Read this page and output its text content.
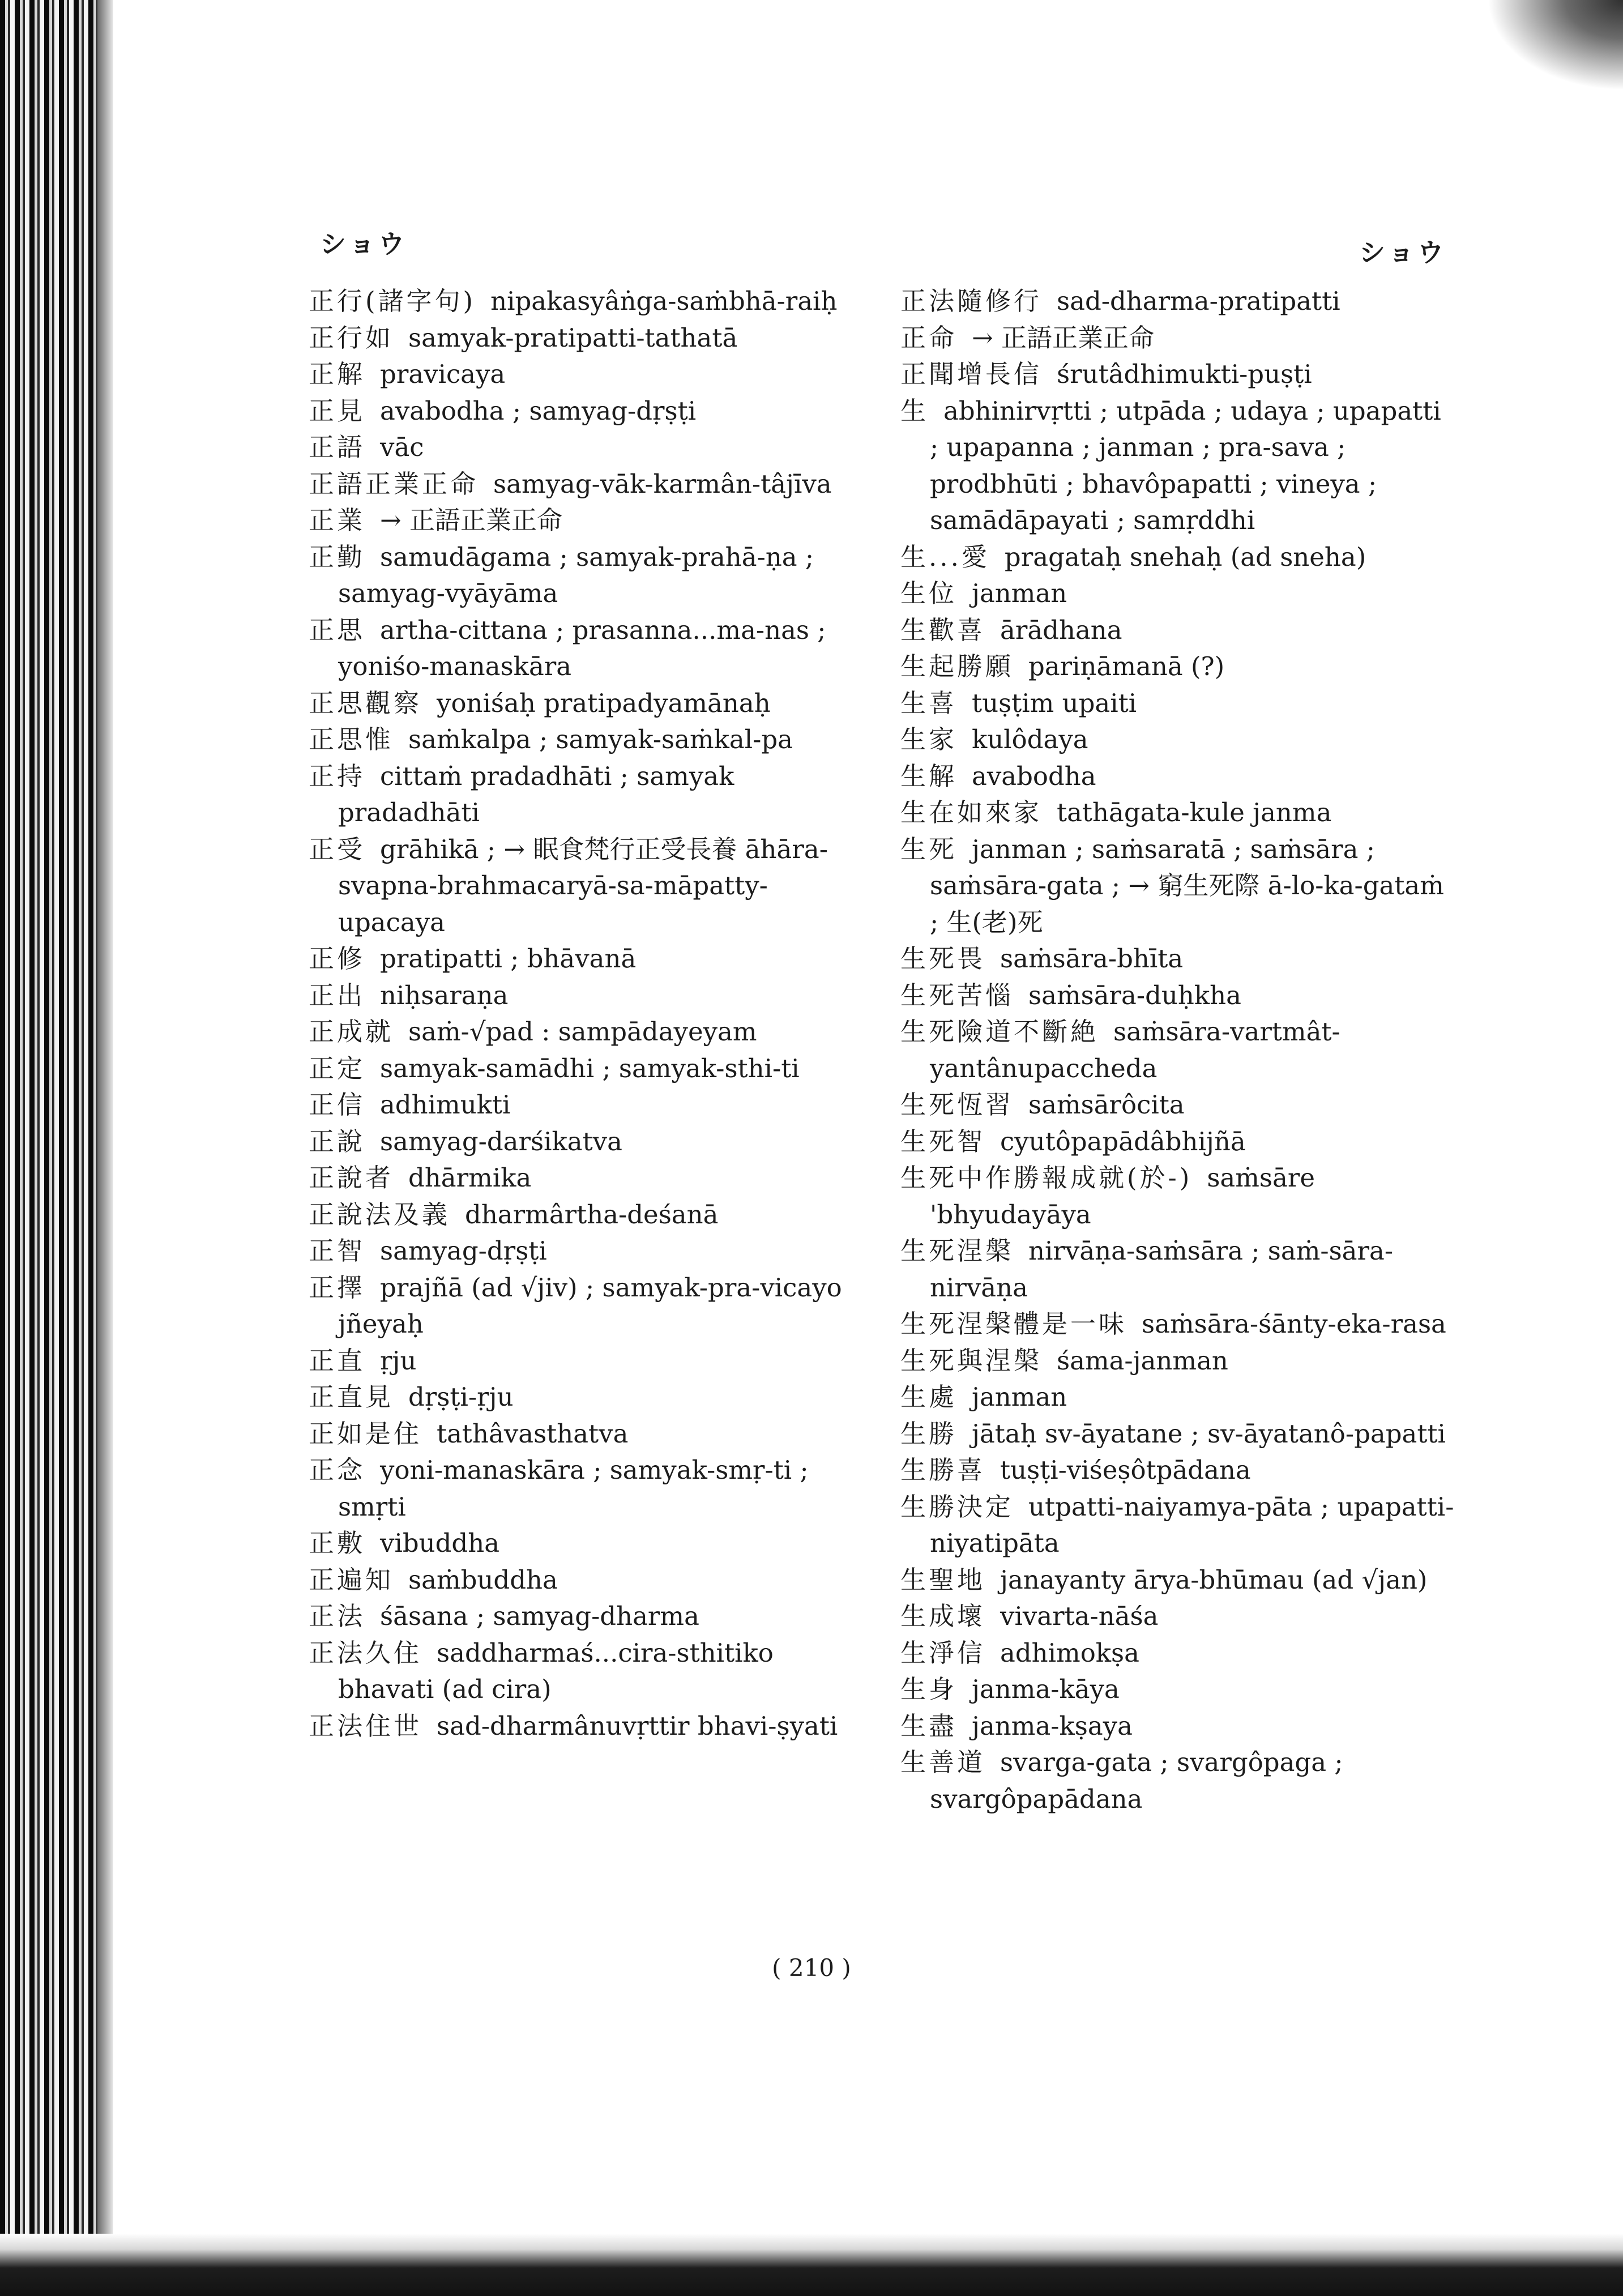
ショウ	ショウ

正行(諸字句) nipakasyâṅga-saṁbhā-raiḥ

正行如 samyak-pratipatti-tathatā

正解 pravicaya

正見 avabodha ; samyag-dṛṣṭi

正語 vāc

正語正業正命 samyag-vāk-karmân-tâjīva

正業 → 正語正業正命

正勤 samudāgama ; samyak-prahā-ṇa ; samyag-vyāyāma

正思 artha-cittana ; prasanna...ma-nas ; yoniśo-manaskāra

正思觀察 yoniśaḥ pratipadyamānaḥ

正思惟 saṁkalpa ; samyak-saṁkal-pa

正持 cittaṁ pradadhāti ; samyak pradadhāti

正受 grāhikā ; → 眠食梵行正受長養 āhāra-svapna-brahmacaryā-sa-māpatty-upacaya

正修 pratipatti ; bhāvanā

正出 niḥsaraṇa

正成就 saṁ-√pad : sampādayeyam

正定 samyak-samādhi ; samyak-sthi-ti

正信 adhimukti

正說 samyag-darśikatva

正說者 dhārmika

正說法及義 dharmârtha-deśanā

正智 samyag-dṛṣṭi

正擇 prajñā (ad √jiv) ; samyak-pra-vicayo jñeyaḥ

正直 ṛju

正直見 dṛṣṭi-ṛju

正如是住 tathâvasthatva

正念 yoni-manaskāra ; samyak-smṛ-ti ; smṛti

正敷 vibuddha

正遍知 saṁbuddha

正法 śāsana ; samyag-dharma

正法久住 saddharmaś...cira-sthitiko bhavati (ad cira)

正法住世 sad-dharmânuvṛttir bhavi-ṣyati

正法隨修行 sad-dharma-pratipatti

正命 → 正語正業正命

正聞增長信 śrutâdhimukti-puṣṭi

生 abhinirvṛtti ; utpāda ; udaya ; upapatti ; upapanna ; janman ; pra-sava ; prodbhūti ; bhavôpapatti ; vineya ; samādāpayati ; samṛddhi

生...愛 pragataḥ snehaḥ (ad sneha)

生位 janman

生歡喜 ārādhana

生起勝願 pariṇāmanā (?)

生喜 tuṣṭim upaiti

生家 kulôdaya

生解 avabodha

生在如來家 tathāgata-kule janma

生死 janman ; saṁsaratā ; saṁsāra ; saṁsāra-gata ; → 窮生死際 ā-lo-ka-gataṁ ; 生(老)死

生死畏 saṁsāra-bhīta

生死苦惱 saṁsāra-duḥkha

生死險道不斷絶 saṁsāra-vartmât-yantânupaccheda

生死恆習 saṁsārôcita

生死智 cyutôpapādâbhijñā

生死中作勝報成就(於-) saṁsāre 'bhyudayāya

生死涅槃 nirvāṇa-saṁsāra ; saṁ-sāra-nirvāṇa

生死涅槃體是一味 saṁsāra-śānty-eka-rasa

生死與涅槃 śama-janman

生處 janman

生勝 jātaḥ sv-āyatane ; sv-āyatanô-papatti

生勝喜 tuṣṭi-viśeṣôtpādana

生勝決定 utpatti-naiyamya-pāta ; upapatti-niyatipāta

生聖地 janayanty ārya-bhūmau (ad √jan)

生成壞 vivarta-nāśa

生淨信 adhimokṣa

生身 janma-kāya

生盡 janma-kṣaya

生善道 svarga-gata ; svargôpaga ; svargôpapādana

( 210 )
